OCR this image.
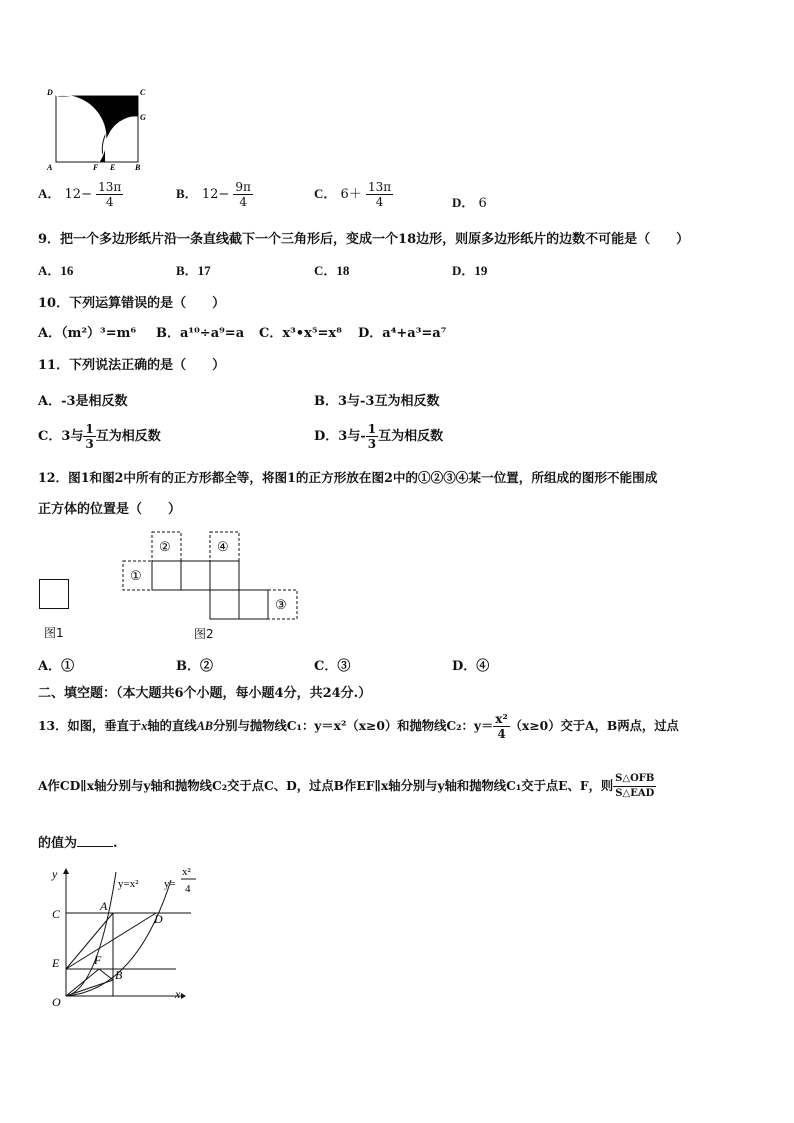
D	C
G
A	F E B
A． $12- \frac{13\pi}{4}$	B． $12- \frac{9\pi}{4}$	C． $6+ \frac{13\pi}{4}$	D． 6
9．把一个多边形纸片沿一条直线截下一个三角形后，变成一个18边形，则原多边形纸片的边数不可能是（　　）
A．16	B．17	C．18	D．19
10．下列运算错误的是（　　）
A．（m²）³=m⁶ B．a¹⁰÷a⁹=a C．x³•x⁵=x⁸ D．a⁴+a³=a⁷
11．下列说法正确的是（　　）
A．-3是相反数	B．3与-3互为相反数
C．3与 $\frac{1}{3}$ 互为相反数	D．3与- $\frac{1}{3}$ 互为相反数
12．图1和图2中所有的正方形都全等，将图1的正方形放在图2中的①②③④某一位置，所组成的图形不能围成
正方体的位置是（　　）
图1
①
②	④
③
图2
A．①	B．②	C．③	D．④
二、填空题：（本大题共6个小题，每小题4分，共24分.）
13．如图，垂直于x轴的直线AB分别与抛物线C₁：y＝x²（x≥0）和抛物线C₂：$y= \frac{\text{x²}}{4} (x\ge 0)$交于A，B两点，过点
A作CD∥x轴分别与y轴和抛物线C₂交于点C、D，过点B作EF∥x轴分别与y轴和抛物线C₁交于点E、F，则 $\frac{\text{S△OFB}}{\text{S△EAD}}$
的值为	.
y
x
O
C
E
A
D
F
B
y=x² y=
x²
4
